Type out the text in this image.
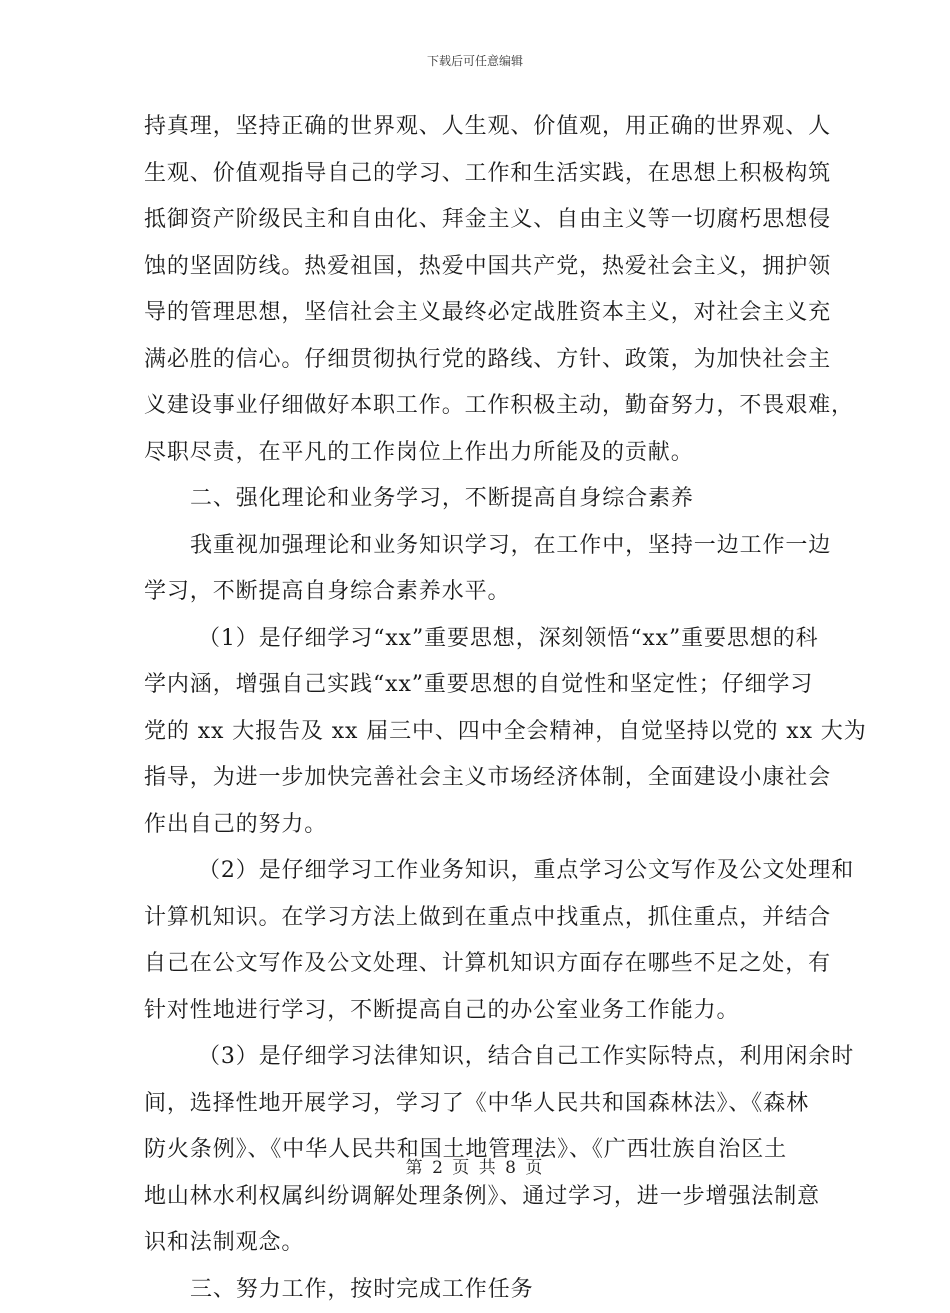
下载后可任意编辑
持真理，坚持正确的世界观、人生观、价值观，用正确的世界观、人
生观、价值观指导自己的学习、工作和生活实践，在思想上积极构筑
抵御资产阶级民主和自由化、拜金主义、自由主义等一切腐朽思想侵
蚀的坚固防线。热爱祖国，热爱中国共产党，热爱社会主义，拥护领
导的管理思想，坚信社会主义最终必定战胜资本主义，对社会主义充
满必胜的信心。仔细贯彻执行党的路线、方针、政策，为加快社会主
义建设事业仔细做好本职工作。工作积极主动，勤奋努力，不畏艰难，
尽职尽责，在平凡的工作岗位上作出力所能及的贡献。
二、强化理论和业务学习，不断提高自身综合素养
我重视加强理论和业务知识学习，在工作中，坚持一边工作一边
学习，不断提高自身综合素养水平。
（1）是仔细学习“xx”重要思想，深刻领悟“xx”重要思想的科
学内涵，增强自己实践“xx”重要思想的自觉性和坚定性；仔细学习
党的 xx 大报告及 xx 届三中、四中全会精神，自觉坚持以党的 xx 大为
指导，为进一步加快完善社会主义市场经济体制，全面建设小康社会
作出自己的努力。
（2）是仔细学习工作业务知识，重点学习公文写作及公文处理和
计算机知识。在学习方法上做到在重点中找重点，抓住重点，并结合
自己在公文写作及公文处理、计算机知识方面存在哪些不足之处，有
针对性地进行学习，不断提高自己的办公室业务工作能力。
（3）是仔细学习法律知识，结合自己工作实际特点，利用闲余时
间，选择性地开展学习，学习了《中华人民共和国森林法》、《森林
防火条例》、《中华人民共和国土地管理法》、《广西壮族自治区土
地山林水利权属纠纷调解处理条例》、通过学习，进一步增强法制意
识和法制观念。
三、努力工作，按时完成工作任务
第 2 页 共 8 页
